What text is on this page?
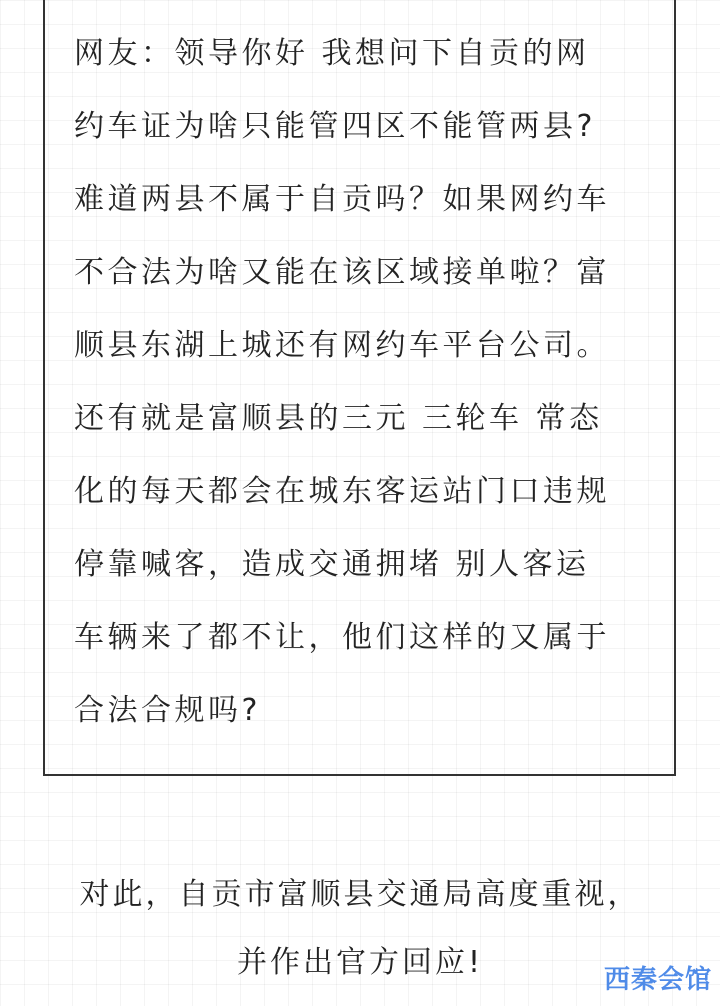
网友：领导你好 我想问下自贡的网
约车证为啥只能管四区不能管两县?
难道两县不属于自贡吗？如果网约车
不合法为啥又能在该区域接单啦？富
顺县东湖上城还有网约车平台公司。
还有就是富顺县的三元 三轮车 常态
化的每天都会在城东客运站门口违规
停靠喊客，造成交通拥堵 别人客运
车辆来了都不让，他们这样的又属于
合法合规吗?
对此，自贡市富顺县交通局高度重视，
并作出官方回应!	西秦会馆
